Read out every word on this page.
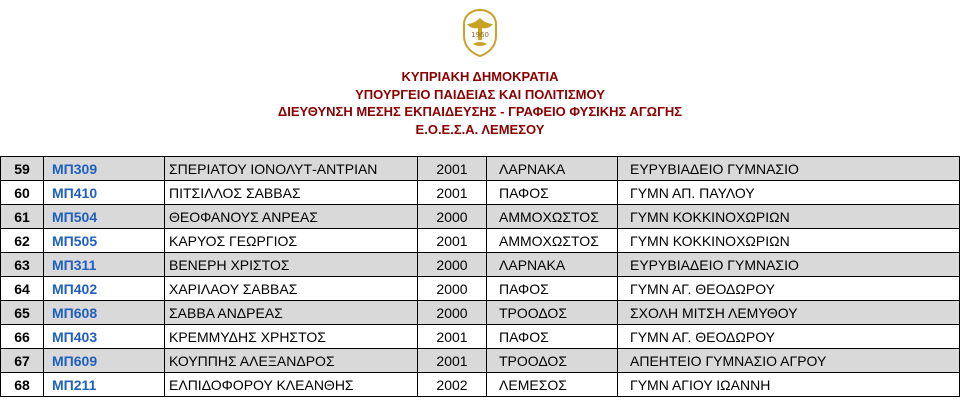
1960
ΚΥΠΡΙΑΚΗ ΔΗΜΟΚΡΑΤΙΑ
ΥΠΟΥΡΓΕΙΟ ΠΑΙΔΕΙΑΣ ΚΑΙ ΠΟΛΙΤΙΣΜΟΥ
ΔΙΕΥΘΥΝΣΗ ΜΕΣΗΣ ΕΚΠΑΙΔΕΥΣΗΣ - ΓΡΑΦΕΙΟ ΦΥΣΙΚΗΣ ΑΓΩΓΗΣ
Ε.Ο.Ε.Σ.Α. ΛΕΜΕΣΟΥ
59	ΜΠ309	ΣΠΕΡΙΑΤΟΥ ΙΟΝΟΛΥΤ-ΑΝΤΡΙΑΝ	2001	ΛΑΡΝΑΚΑ	ΕΥΡΥΒΙΑΔΕΙΟ ΓΥΜΝΑΣΙΟ
60	ΜΠ410	ΠΙΤΣΙΛΛΟΣ ΣΑΒΒΑΣ	2001	ΠΑΦΟΣ	ΓΥΜΝ ΑΠ. ΠΑΥΛΟΥ
61	ΜΠ504	ΘΕΟΦΑΝΟΥΣ ΑΝΡΕΑΣ	2000	ΑΜΜΟΧΩΣΤΟΣ	ΓΥΜΝ ΚΟΚΚΙΝΟΧΩΡΙΩΝ
62	ΜΠ505	ΚΑΡΥΟΣ ΓΕΩΡΓΙΟΣ	2001	ΑΜΜΟΧΩΣΤΟΣ	ΓΥΜΝ ΚΟΚΚΙΝΟΧΩΡΙΩΝ
63	ΜΠ311	ΒΕΝΕΡΗ ΧΡΙΣΤΟΣ	2000	ΛΑΡΝΑΚΑ	ΕΥΡΥΒΙΑΔΕΙΟ ΓΥΜΝΑΣΙΟ
64	ΜΠ402	ΧΑΡΙΛΑΟΥ ΣΑΒΒΑΣ	2000	ΠΑΦΟΣ	ΓΥΜΝ ΑΓ. ΘΕΟΔΩΡΟΥ
65	ΜΠ608	ΣΑΒΒΑ ΑΝΔΡΕΑΣ	2000	ΤΡΟΟΔΟΣ	ΣΧΟΛΗ ΜΙΤΣΗ ΛΕΜΥΘΟΥ
66	ΜΠ403	ΚΡΕΜΜΥΔΗΣ ΧΡΗΣΤΟΣ	2001	ΠΑΦΟΣ	ΓΥΜΝ ΑΓ. ΘΕΟΔΩΡΟΥ
67	ΜΠ609	ΚΟΥΠΠΗΣ ΑΛΕΞΑΝΔΡΟΣ	2001	ΤΡΟΟΔΟΣ	ΑΠΕΗΤΕΙΟ ΓΥΜΝΑΣΙΟ ΑΓΡΟΥ
68	ΜΠ211	ΕΛΠΙΔΟΦΟΡΟΥ ΚΛΕΑΝΘΗΣ	2002	ΛΕΜΕΣΟΣ	ΓΥΜΝ ΑΓΙΟΥ ΙΩΑΝΝΗ
